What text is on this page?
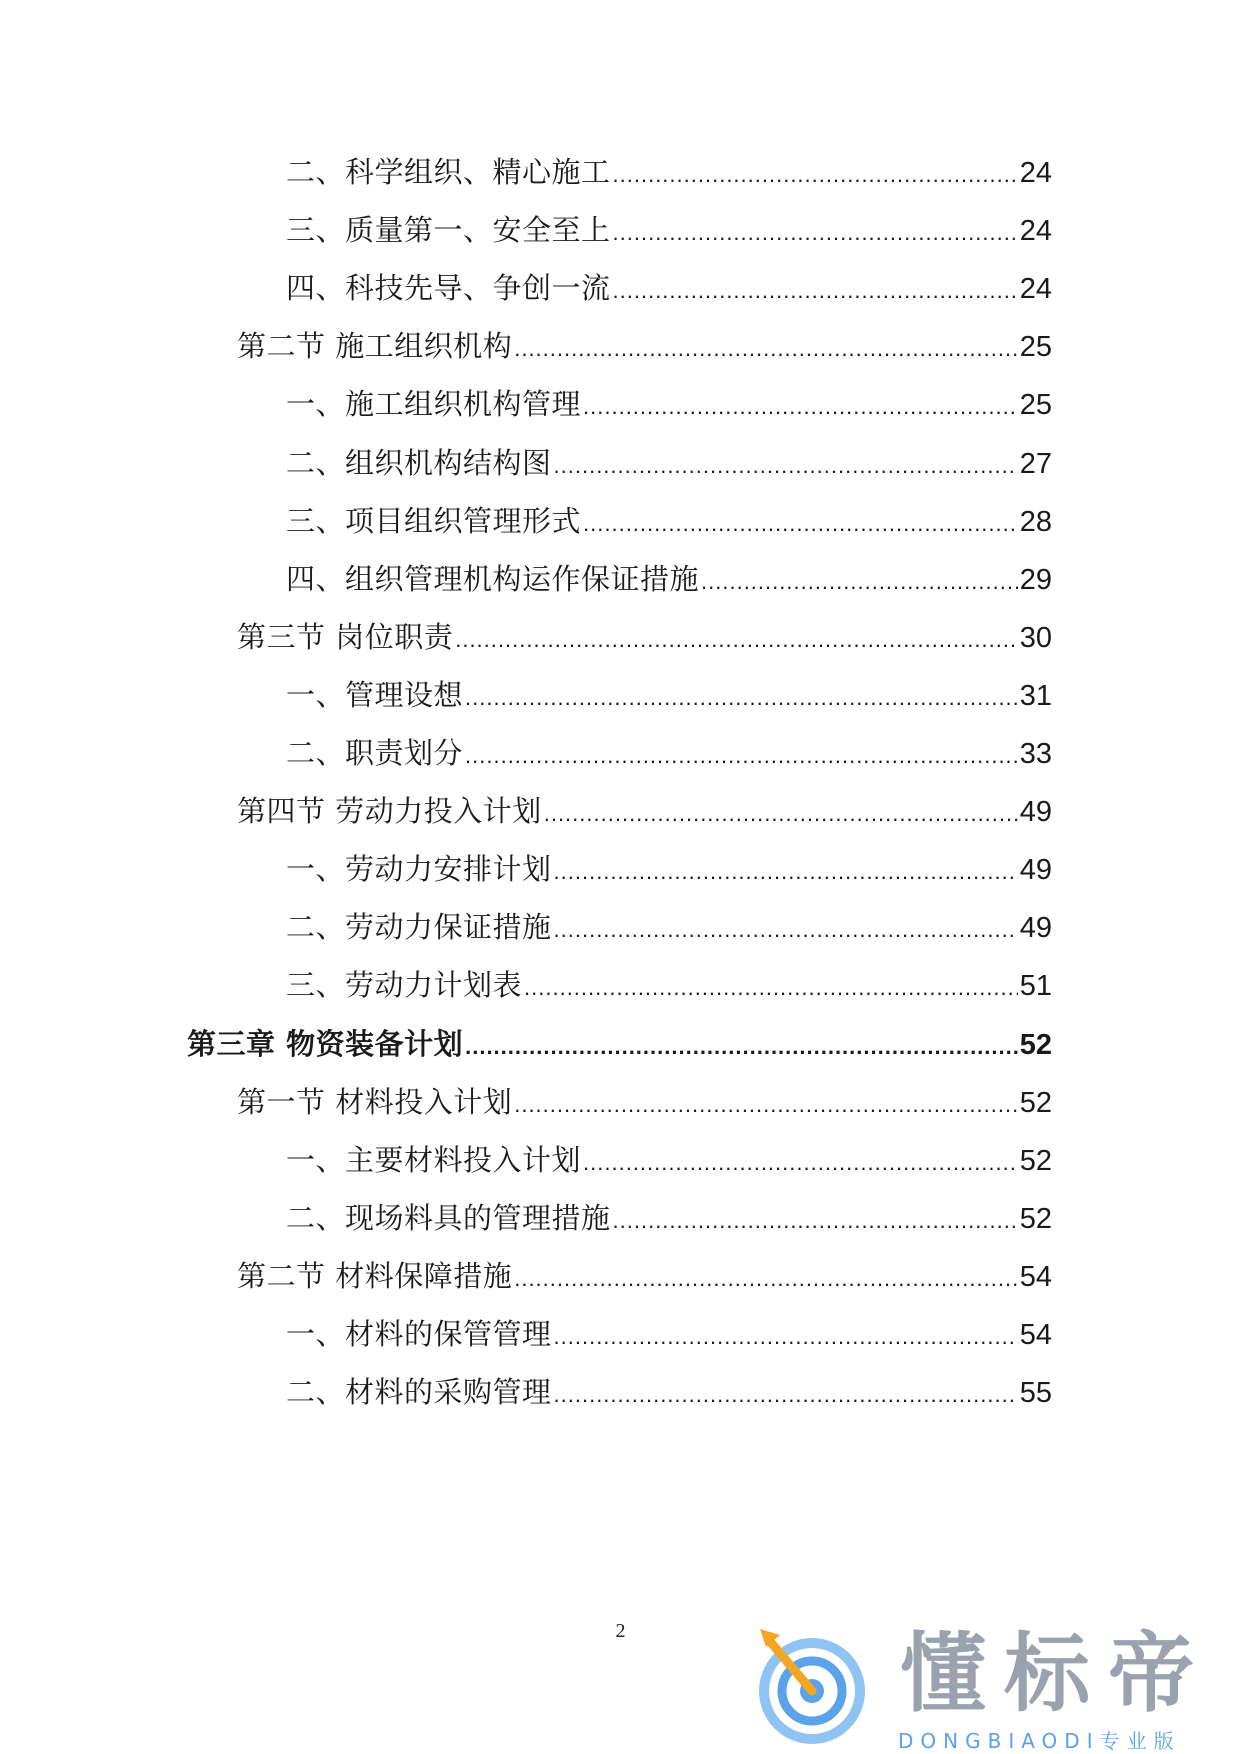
二、科学组织、精心施工 .....	24
三、质量第一、安全至上 .....	24
四、科技先导、争创一流 .....	24
第二节 施工组织机构 .....	25
一、施工组织机构管理 .....	25
二、组织机构结构图 .....	27
三、项目组织管理形式 .....	28
四、组织管理机构运作保证措施 .....	29
第三节 岗位职责 .....	30
一、管理设想 .....	31
二、职责划分 .....	33
第四节 劳动力投入计划 .....	49
一、劳动力安排计划 .....	49
二、劳动力保证措施 .....	49
三、劳动力计划表 .....	51
第三章 物资装备计划 .....	52
第一节 材料投入计划 .....	52
一、主要材料投入计划 .....	52
二、现场料具的管理措施 .....	52
第二节 材料保障措施 .....	54
一、材料的保管管理 .....	54
二、材料的采购管理 .....	55
2	懂标帝
DONGBIAODI专业版
